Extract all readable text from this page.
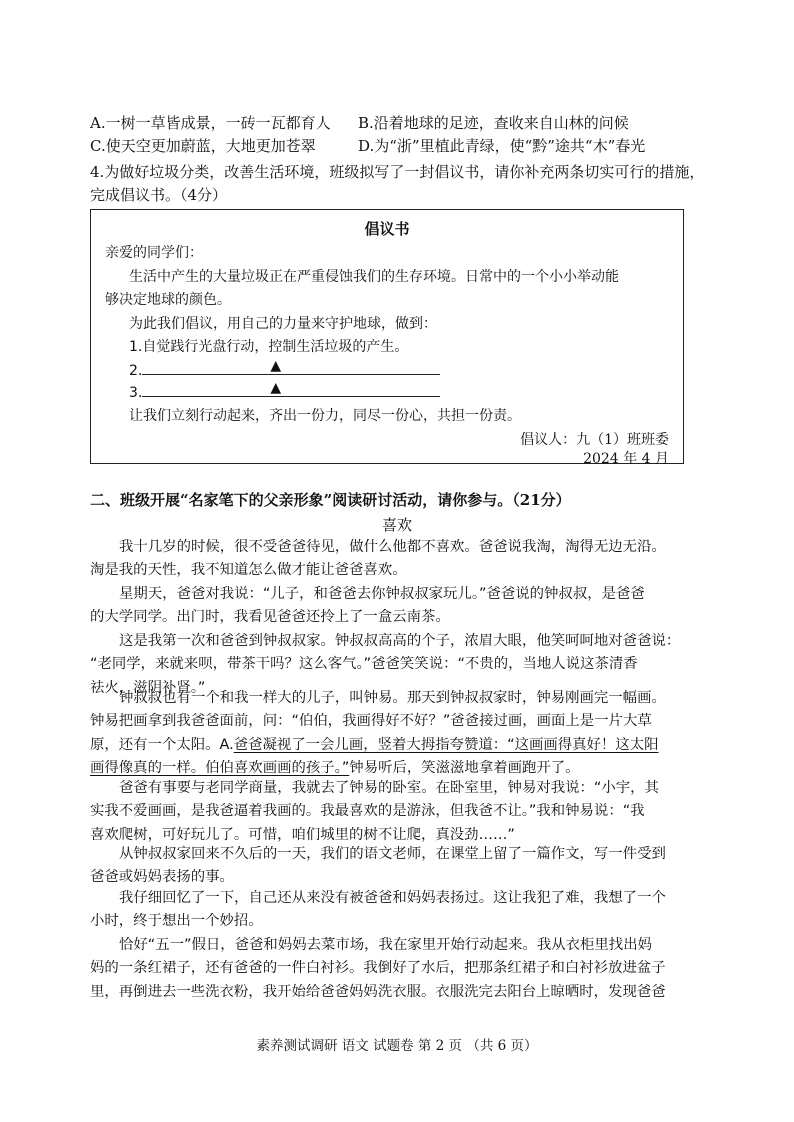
A.一树一草皆成景，一砖一瓦都育人 B.沿着地球的足迹，查收来自山林的问候
C.使天空更加蔚蓝，大地更加苍翠	D.为“浙”里植此青绿，使“黔”途共“木”春光
4.为做好垃圾分类，改善生活环境，班级拟写了一封倡议书，请你补充两条切实可行的措施，
完成倡议书。（4分）
倡议书
亲爱的同学们：
生活中产生的大量垃圾正在严重侵蚀我们的生存环境。日常中的一个小小举动能
够决定地球的颜色。
为此我们倡议，用自己的力量来守护地球，做到：
1.自觉践行光盘行动，控制生活垃圾的产生。
2.	▲
3.	▲
让我们立刻行动起来，齐出一份力，同尽一份心，共担一份责。
倡议人：九（1）班班委
2024 年 4 月
二、班级开展“名家笔下的父亲形象”阅读研讨活动，请你参与。（21分）
喜欢
我十几岁的时候，很不受爸爸待见，做什么他都不喜欢。爸爸说我淘，淘得无边无沿。
淘是我的天性，我不知道怎么做才能让爸爸喜欢。
星期天，爸爸对我说：“儿子，和爸爸去你钟叔叔家玩儿。”爸爸说的钟叔叔，是爸爸
的大学同学。出门时，我看见爸爸还拎上了一盒云南茶。
这是我第一次和爸爸到钟叔叔家。钟叔叔高高的个子，浓眉大眼，他笑呵呵地对爸爸说：
“老同学，来就来呗，带茶干吗？这么客气。”爸爸笑笑说：“不贵的，当地人说这茶清香
祛火，滋阴补肾。”
钟叔叔也有一个和我一样大的儿子，叫钟易。那天到钟叔叔家时，钟易刚画完一幅画。
钟易把画拿到我爸爸面前，问：“伯伯，我画得好不好？”爸爸接过画，画面上是一片大草
原，还有一个太阳。A.爸爸凝视了一会儿画，竖着大拇指夸赞道：“这画画得真好！这太阳
画得像真的一样。伯伯喜欢画画的孩子。”钟易听后，笑滋滋地拿着画跑开了。
爸爸有事要与老同学商量，我就去了钟易的卧室。在卧室里，钟易对我说：“小宇，其
实我不爱画画，是我爸逼着我画的。我最喜欢的是游泳，但我爸不让。”我和钟易说：“我
喜欢爬树，可好玩儿了。可惜，咱们城里的树不让爬，真没劲……”
从钟叔叔家回来不久后的一天，我们的语文老师，在课堂上留了一篇作文，写一件受到
爸爸或妈妈表扬的事。
我仔细回忆了一下，自己还从来没有被爸爸和妈妈表扬过。这让我犯了难，我想了一个
小时，终于想出一个妙招。
恰好“五一”假日，爸爸和妈妈去菜市场，我在家里开始行动起来。我从衣柜里找出妈
妈的一条红裙子，还有爸爸的一件白衬衫。我倒好了水后，把那条红裙子和白衬衫放进盆子
里，再倒进去一些洗衣粉，我开始给爸爸妈妈洗衣服。衣服洗完去阳台上晾晒时，发现爸爸
素养测试调研 语文 试题卷 第 2 页 （共 6 页）
